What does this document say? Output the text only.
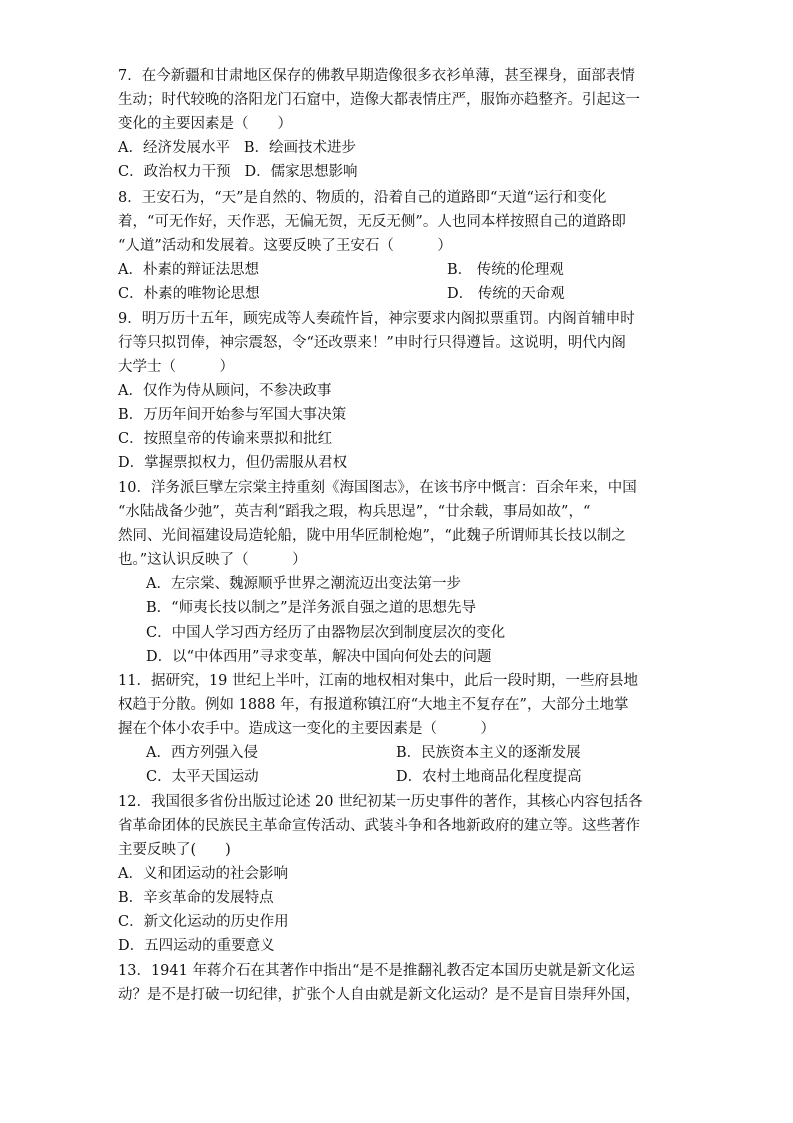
7．在今新疆和甘肃地区保存的佛教早期造像很多衣衫单薄，甚至裸身，面部表情
生动；时代较晚的洛阳龙门石窟中，造像大都表情庄严，服饰亦趋整齐。引起这一
变化的主要因素是（　　）
A．经济发展水平 B．绘画技术进步
C．政治权力干预 D．儒家思想影响
8．王安石为，“天”是自然的、物质的，沿着自己的道路即“天道“运行和变化
着，“可无作好，天作恶，无偏无贺，无反无侧”。人也同本样按照自己的道路即
“人道”活动和发展着。这要反映了王安石（　　　）
A．朴素的辩证法思想	B． 传统的伦理观
C．朴素的唯物论思想	D． 传统的天命观
9．明万历十五年，顾宪成等人奏疏忤旨，神宗要求内阁拟票重罚。内阁首辅申时
行等只拟罚俸，神宗震怒，令“还改票来！”申时行只得遵旨。这说明，明代内阁
大学士（　　　）
A．仅作为侍从顾问，不参决政事
B．万历年间开始参与军国大事决策
C．按照皇帝的传谕来票拟和批红
D．掌握票拟权力，但仍需服从君权
10．洋务派巨擘左宗棠主持重刻《海国图志》，在该书序中慨言：百余年来，中国
“水陆战备少弛”，英吉利“蹈我之瑕，构兵思逞”，“廿余载，事局如故”，“
然同、光间福建设局造轮船，陇中用华匠制枪炮”，“此魏子所谓师其长技以制之
也。”这认识反映了（　　　）
A．左宗棠、魏源顺乎世界之潮流迈出变法第一步
B．“师夷长技以制之”是洋务派自强之道的思想先导
C．中国人学习西方经历了由器物层次到制度层次的变化
D．以“中体西用”寻求变革，解决中国向何处去的问题
11．据研究，19 世纪上半叶，江南的地权相对集中，此后一段时期，一些府县地
权趋于分散。例如 1888 年，有报道称镇江府“大地主不复存在”，大部分土地掌
握在个体小农手中。造成这一变化的主要因素是（　　　）
A．西方列强入侵	B．民族资本主义的逐渐发展
C．太平天国运动	D．农村土地商品化程度提高
12．我国很多省份出版过论述 20 世纪初某一历史事件的著作，其核心内容包括各
省革命团体的民族民主革命宣传活动、武装斗争和各地新政府的建立等。这些著作
主要反映了(　　)
A．义和团运动的社会影响
B．辛亥革命的发展特点
C．新文化运动的历史作用
D．五四运动的重要意义
13．1941 年蒋介石在其著作中指出“是不是推翻礼教否定本国历史就是新文化运
动？是不是打破一切纪律，扩张个人自由就是新文化运动？是不是盲目崇拜外国，
